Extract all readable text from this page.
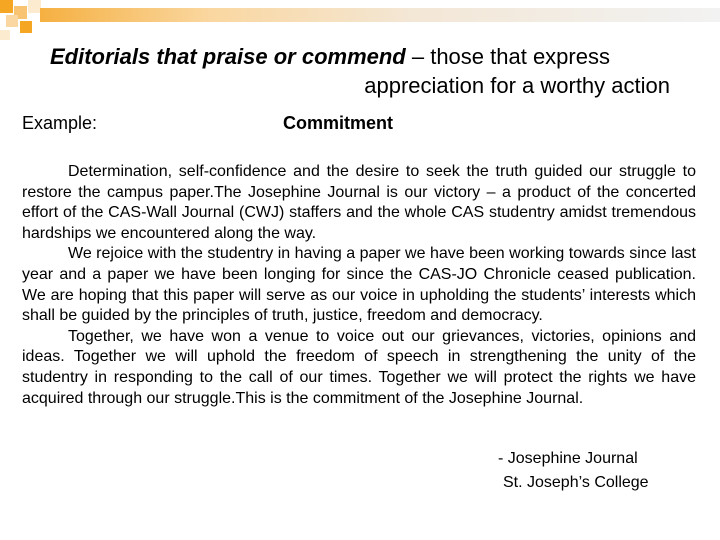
Editorials that praise or commend – those that express
appreciation for a worthy action
Example:	Commitment

Determination, self-confidence and the desire to seek the truth guided our struggle to restore the campus paper.The Josephine Journal is our victory – a product of the concerted effort of the CAS-Wall Journal (CWJ) staffers and the whole CAS studentry amidst tremendous hardships we encountered along the way.

We rejoice with the studentry in having a paper we have been working towards since last year and a paper we have been longing for since the CAS-JO Chronicle ceased publication. We are hoping that this paper will serve as our voice in upholding the students’ interests which shall be guided by the principles of truth, justice, freedom and democracy.

Together, we have won a venue to voice out our grievances, victories, opinions and ideas. Together we will uphold the freedom of speech in strengthening the unity of the studentry in responding to the call of our times. Together we will protect the rights we have acquired through our struggle.This is the commitment of the Josephine Journal.

- Josephine Journal
St. Joseph’s College
